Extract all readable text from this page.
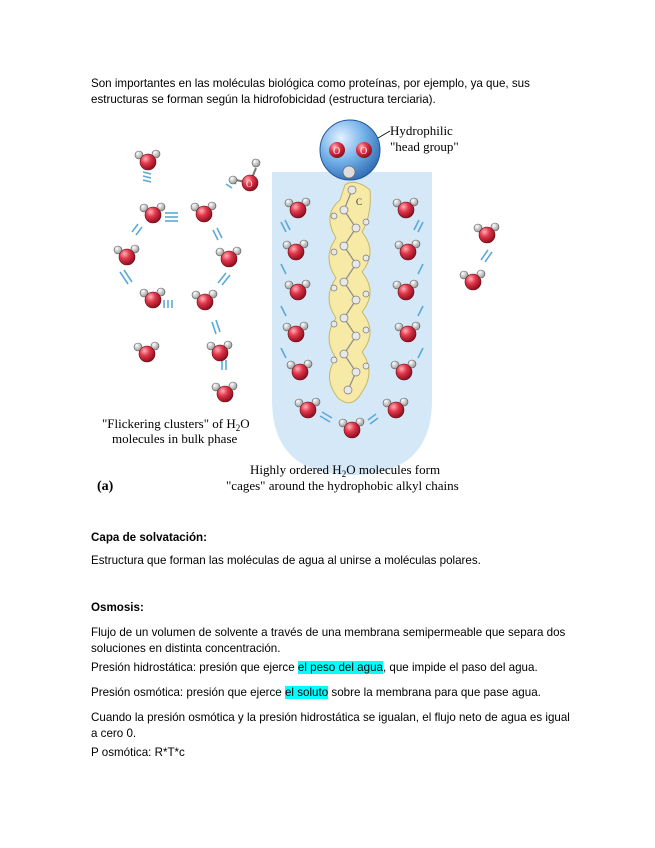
Son importantes en las moléculas biológica como proteínas, por ejemplo, ya que, sus estructuras se forman según la hidrofobicidad (estructura terciaria).

O O
C
Hydrophilic
"head group"
O
"Flickering clusters" of $H_2O$
molecules in bulk phase
Highly ordered $H_2O$ molecules form
"cages" around the hydrophobic alkyl chains
(a)

Capa de solvatación:

Estructura que forman las moléculas de agua al unirse a moléculas polares.

Osmosis:

Flujo de un volumen de solvente a través de una membrana semipermeable que separa dos soluciones en distinta concentración.

Presión hidrostática: presión que ejerce el peso del agua, que impide el paso del agua.

Presión osmótica: presión que ejerce el soluto sobre la membrana para que pase agua.

Cuando la presión osmótica y la presión hidrostática se igualan, el flujo neto de agua es igual a cero 0.

P osmótica: R*T*c
